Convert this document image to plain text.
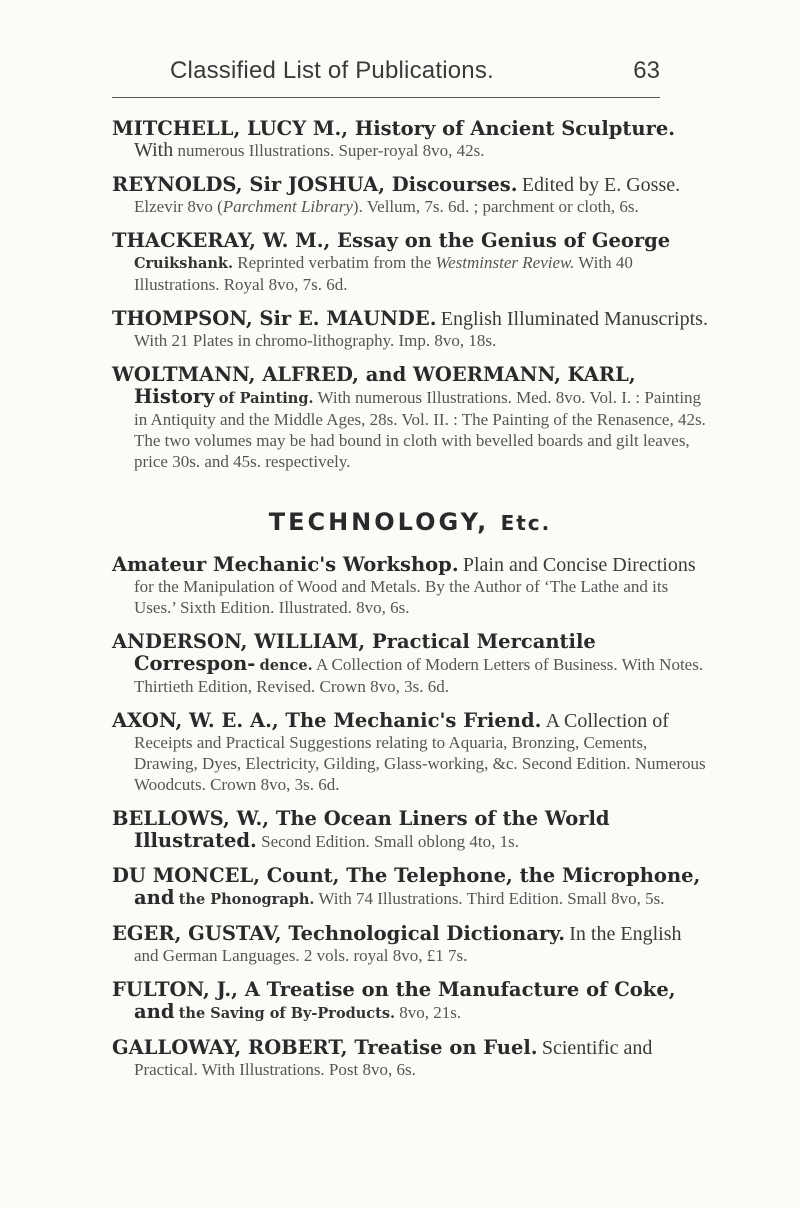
Classified List of Publications.	63

MITCHELL, LUCY M., History of Ancient Sculpture. With numerous Illustrations. Super-royal 8vo, 42s.

REYNOLDS, Sir JOSHUA, Discourses. Edited by E. Gosse. Elzevir 8vo (Parchment Library). Vellum, 7s. 6d. ; parchment or cloth, 6s.

THACKERAY, W. M., Essay on the Genius of George Cruikshank. Reprinted verbatim from the Westminster Review. With 40 Illustrations. Royal 8vo, 7s. 6d.

THOMPSON, Sir E. MAUNDE. English Illuminated Manuscripts. With 21 Plates in chromo-lithography. Imp. 8vo, 18s.

WOLTMANN, ALFRED, and WOERMANN, KARL, History of Painting. With numerous Illustrations. Med. 8vo. Vol. I. : Painting in Antiquity and the Middle Ages, 28s. Vol. II. : The Painting of the Renasence, 42s. The two volumes may be had bound in cloth with bevelled boards and gilt leaves, price 30s. and 45s. respectively.

TECHNOLOGY, Etc.

Amateur Mechanic's Workshop. Plain and Concise Directions for the Manipulation of Wood and Metals. By the Author of ‘The Lathe and its Uses.’ Sixth Edition. Illustrated. 8vo, 6s.

ANDERSON, WILLIAM, Practical Mercantile Correspon- dence. A Collection of Modern Letters of Business. With Notes. Thirtieth Edition, Revised. Crown 8vo, 3s. 6d.

AXON, W. E. A., The Mechanic's Friend. A Collection of Receipts and Practical Suggestions relating to Aquaria, Bronzing, Cements, Drawing, Dyes, Electricity, Gilding, Glass-working, &c. Second Edition. Numerous Woodcuts. Crown 8vo, 3s. 6d.

BELLOWS, W., The Ocean Liners of the World Illustrated. Second Edition. Small oblong 4to, 1s.

DU MONCEL, Count, The Telephone, the Microphone, and the Phonograph. With 74 Illustrations. Third Edition. Small 8vo, 5s.

EGER, GUSTAV, Technological Dictionary. In the English and German Languages. 2 vols. royal 8vo, £1 7s.

FULTON, J., A Treatise on the Manufacture of Coke, and the Saving of By-Products. 8vo, 21s.

GALLOWAY, ROBERT, Treatise on Fuel. Scientific and Practical. With Illustrations. Post 8vo, 6s.
